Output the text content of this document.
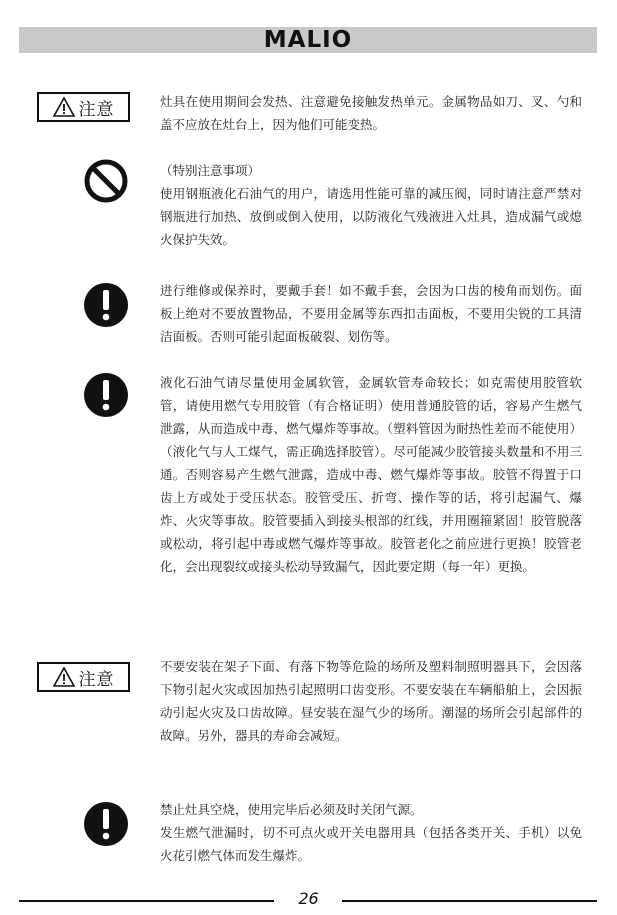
MALIO
注意	灶具在使用期间会发热、注意避免接触发热单元。金属物品如刀、叉、勺和盖不应放在灶台上，因为他们可能变热。

（特别注意事项）

使用钢瓶液化石油气的用户，请选用性能可靠的减压阀，同时请注意严禁对钢瓶进行加热、放倒或倒入使用，以防液化气残液进入灶具，造成漏气或熄火保护失效。

进行维修或保养时，要戴手套！如不戴手套，会因为口齿的棱角而划伤。面板上绝对不要放置物品，不要用金属等东西扣击面板，不要用尖锐的工具清洁面板。否则可能引起面板破裂、划伤等。

液化石油气请尽量使用金属软管，金属软管寿命较长；如克需使用胶管软管，请使用燃气专用胶管（有合格证明）使用普通胶管的话，容易产生燃气泄露，从而造成中毒、燃气爆炸等事故。（塑料管因为耐热性差而不能使用）（液化气与人工煤气，需正确选择胶管）。尽可能减少胶管接头数量和不用三通。否则容易产生燃气泄露，造成中毒、燃气爆炸等事故。胶管不得置于口齿上方或处于受压状态。胶管受压、折弯、操作等的话，将引起漏气、爆炸、火灾等事故。胶管要插入到接头根部的红线，并用圈箍紧固！胶管脱落或松动，将引起中毒或燃气爆炸等事故。胶管老化之前应进行更换！胶管老化，会出现裂纹或接头松动导致漏气，因此要定期（每一年）更换。

注意

不要安装在架子下面、有落下物等危险的场所及塑料制照明器具下，会因落下物引起火灾或因加热引起照明口齿变形。不要安装在车辆船舶上，会因振动引起火灾及口齿故障。昼安装在湿气少的场所。潮湿的场所会引起部件的故障。另外，器具的寿命会减短。

禁止灶具空烧，使用完毕后必须及时关闭气源。

发生燃气泄漏时，切不可点火或开关电器用具（包括各类开关、手机）以免火花引燃气体而发生爆炸。

26
